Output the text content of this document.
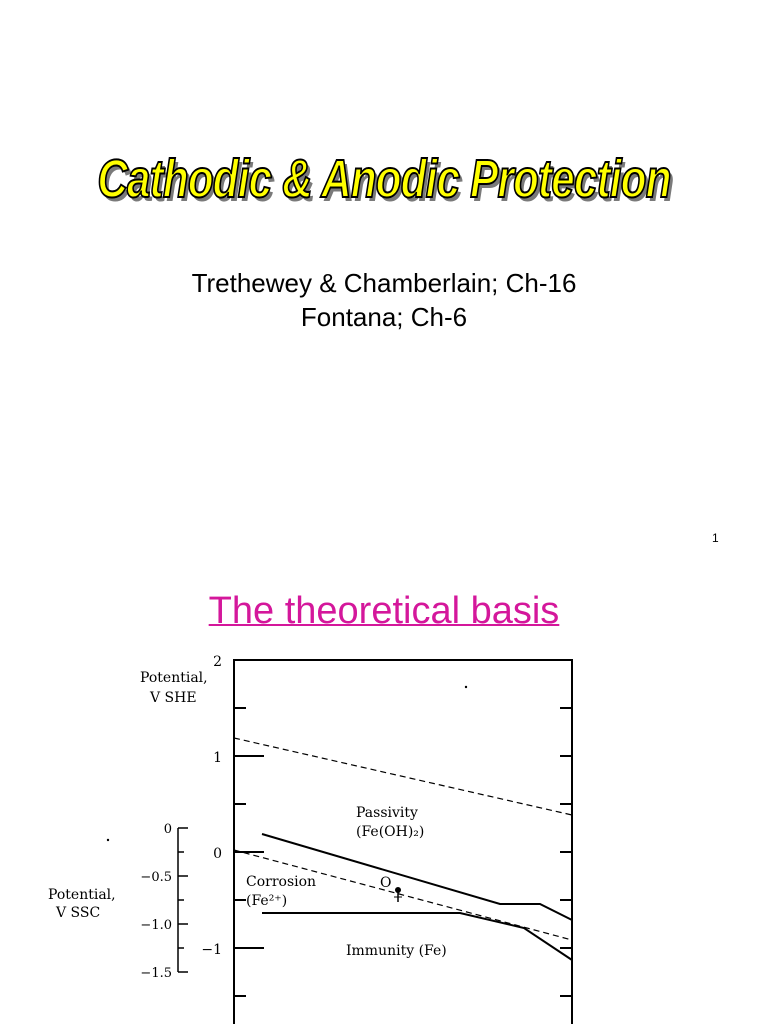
Cathodic & Anodic Protection
Trethewey & Chamberlain; Ch-16
Fontana; Ch-6
1
The theoretical basis
2
1
0
−1
Potential,
V SHE
0
−0.5
−1.0
−1.5
Potential,
V SSC
Passivity
(Fe(OH)₂)
Corrosion
(Fe²⁺)
Immunity (Fe)
O
